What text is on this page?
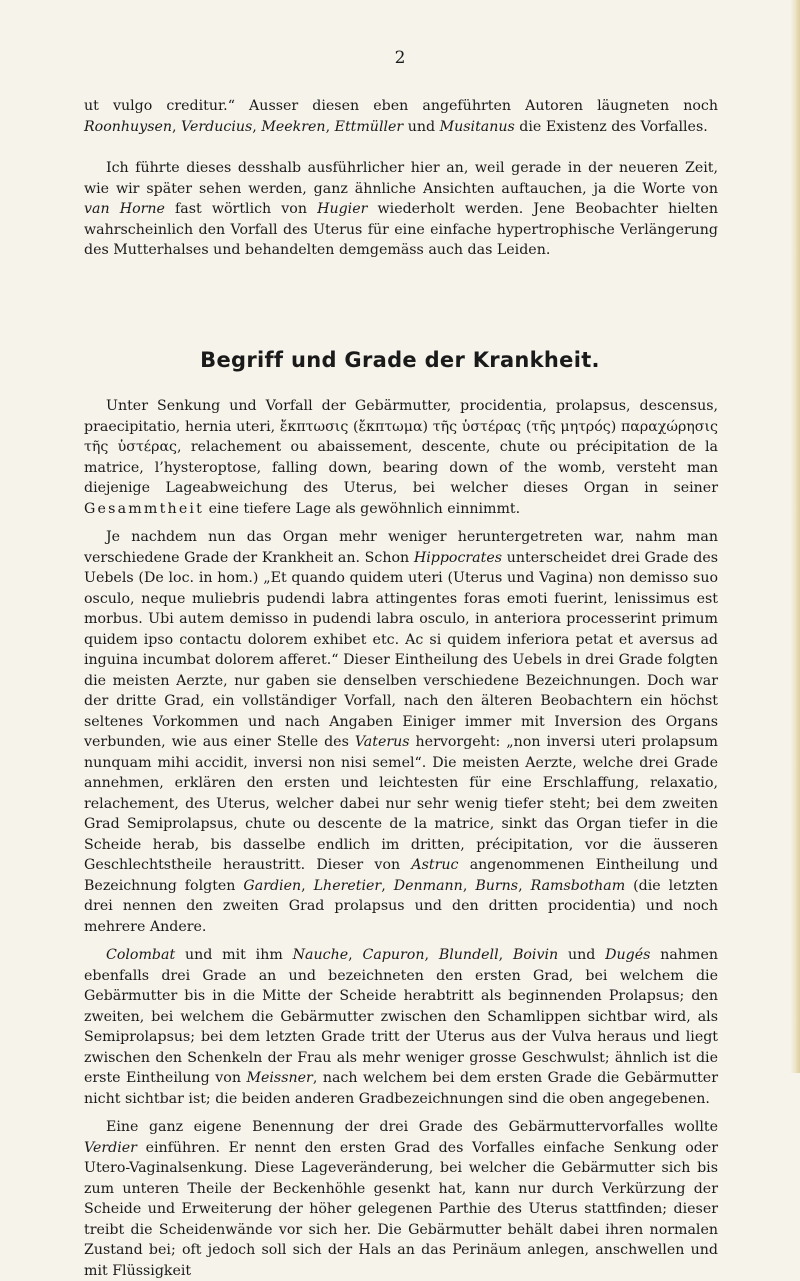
2

ut vulgo creditur.“ Ausser diesen eben angeführten Autoren läugneten noch Roonhuysen, Verducius, Meekren, Ettmüller und Musitanus die Existenz des Vorfalles.

Ich führte dieses desshalb ausführlicher hier an, weil gerade in der neueren Zeit, wie wir später sehen werden, ganz ähnliche Ansichten auftauchen, ja die Worte von van Horne fast wörtlich von Hugier wiederholt werden. Jene Beobachter hielten wahrscheinlich den Vorfall des Uterus für eine einfache hypertrophische Verlängerung des Mutterhalses und behandelten demgemäss auch das Leiden.

Begriff und Grade der Krankheit.

Unter Senkung und Vorfall der Gebärmutter, procidentia, prolapsus, descensus, praecipitatio, hernia uteri, ἔκπτωσις (ἔκπτωμα) τῆς ὑστέρας (τῆς μητρός) παραχώρησις τῆς ὑστέρας, relachement ou abaissement, descente, chute ou précipitation de la matrice, l’hysteroptose, falling down, bearing down of the womb, versteht man diejenige Lageabweichung des Uterus, bei welcher dieses Organ in seiner Gesammtheit eine tiefere Lage als gewöhnlich einnimmt.

Je nachdem nun das Organ mehr weniger heruntergetreten war, nahm man verschiedene Grade der Krankheit an. Schon Hippocrates unterscheidet drei Grade des Uebels (De loc. in hom.) „Et quando quidem uteri (Uterus und Vagina) non demisso suo osculo, neque muliebris pudendi labra attingentes foras emoti fuerint, lenissimus est morbus. Ubi autem demisso in pudendi labra osculo, in anteriora processerint primum quidem ipso contactu dolorem exhibet etc. Ac si quidem inferiora petat et aversus ad inguina incumbat dolorem afferet.“ Dieser Eintheilung des Uebels in drei Grade folgten die meisten Aerzte, nur gaben sie denselben verschiedene Bezeichnungen. Doch war der dritte Grad, ein vollständiger Vorfall, nach den älteren Beobachtern ein höchst seltenes Vorkommen und nach Angaben Einiger immer mit Inversion des Organs verbunden, wie aus einer Stelle des Vaterus hervorgeht: „non inversi uteri prolapsum nunquam mihi accidit, inversi non nisi semel“. Die meisten Aerzte, welche drei Grade annehmen, erklären den ersten und leichtesten für eine Erschlaffung, relaxatio, relachement, des Uterus, welcher dabei nur sehr wenig tiefer steht; bei dem zweiten Grad Semiprolapsus, chute ou descente de la matrice, sinkt das Organ tiefer in die Scheide herab, bis dasselbe endlich im dritten, précipitation, vor die äusseren Geschlechtstheile heraustritt. Dieser von Astruc angenommenen Eintheilung und Bezeichnung folgten Gardien, Lheretier, Denmann, Burns, Ramsbotham (die letzten drei nennen den zweiten Grad prolapsus und den dritten procidentia) und noch mehrere Andere.

Colombat und mit ihm Nauche, Capuron, Blundell, Boivin und Dugés nahmen ebenfalls drei Grade an und bezeichneten den ersten Grad, bei welchem die Gebärmutter bis in die Mitte der Scheide herabtritt als beginnenden Prolapsus; den zweiten, bei welchem die Gebärmutter zwischen den Schamlippen sichtbar wird, als Semiprolapsus; bei dem letzten Grade tritt der Uterus aus der Vulva heraus und liegt zwischen den Schenkeln der Frau als mehr weniger grosse Geschwulst; ähnlich ist die erste Eintheilung von Meissner, nach welchem bei dem ersten Grade die Gebärmutter nicht sichtbar ist; die beiden anderen Gradbezeichnungen sind die oben angegebenen.

Eine ganz eigene Benennung der drei Grade des Gebärmuttervorfalles wollte Verdier einführen. Er nennt den ersten Grad des Vorfalles einfache Senkung oder Utero-Vaginalsenkung. Diese Lageveränderung, bei welcher die Gebärmutter sich bis zum unteren Theile der Beckenhöhle gesenkt hat, kann nur durch Verkürzung der Scheide und Erweiterung der höher gelegenen Parthie des Uterus stattfinden; dieser treibt die Scheidenwände vor sich her. Die Gebärmutter behält dabei ihren normalen Zustand bei; oft jedoch soll sich der Hals an das Perinäum anlegen, anschwellen und mit Flüssigkeit
